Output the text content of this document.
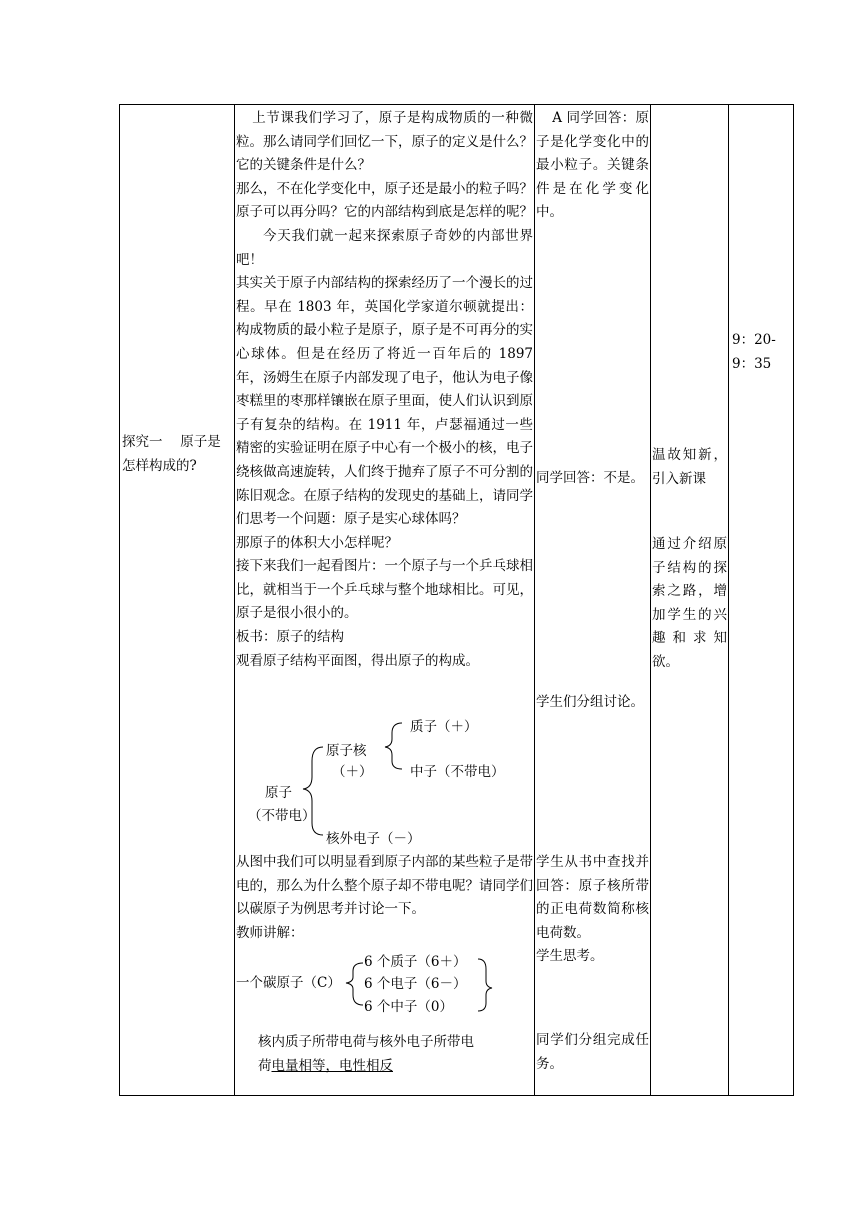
探究一　 原子是
怎样构成的?

上节课我们学习了，原子是构成物质的一种微粒。那么请同学们回忆一下，原子的定义是什么？

它的关键条件是什么？

那么，不在化学变化中，原子还是最小的粒子吗？原子可以再分吗？它的内部结构到底是怎样的呢？

今天我们就一起来探索原子奇妙的内部世界吧！

其实关于原子内部结构的探索经历了一个漫长的过程。早在 1803 年，英国化学家道尔顿就提出：构成物质的最小粒子是原子，原子是不可再分的实心球体。但是在经历了将近一百年后的 1897 年，汤姆生在原子内部发现了电子，他认为电子像枣糕里的枣那样镶嵌在原子里面，使人们认识到原子有复杂的结构。在 1911 年，卢瑟福通过一些精密的实验证明在原子中心有一个极小的核，电子绕核做高速旋转，人们终于抛弃了原子不可分割的陈旧观念。在原子结构的发现史的基础上，请同学们思考一个问题：原子是实心球体吗？

那原子的体积大小怎样呢？

接下来我们一起看图片：一个原子与一个乒乓球相比，就相当于一个乒乓球与整个地球相比。可见，原子是很小很小的。

板书：原子的结构

观看原子结构平面图，得出原子的构成。

质子（＋）
原子核
（＋）	中子（不带电）
原子
（不带电）
核外电子（－）

从图中我们可以明显看到原子内部的某些粒子是带电的，那么为什么整个原子却不带电呢？请同学们以碳原子为例思考并讨论一下。

教师讲解：

一个碳原子（C）
6 个质子（6＋）
6 个电子（6－）
6 个中子（0）
核内质子所带电荷与核外电子所带电
荷电量相等，电性相反

A 同学回答：原子是化学变化中的最小粒子。关键条件是在化学变化中。

同学回答：不是。
学生们分组讨论。

学生从书中查找并回答：原子核所带的正电荷数简称核电荷数。

学生思考。

同学们分组完成任务。

温故知新，引入新课

通过介绍原子结构的探索之路，增加学生的兴趣和求知欲。

9：20-
9：35
